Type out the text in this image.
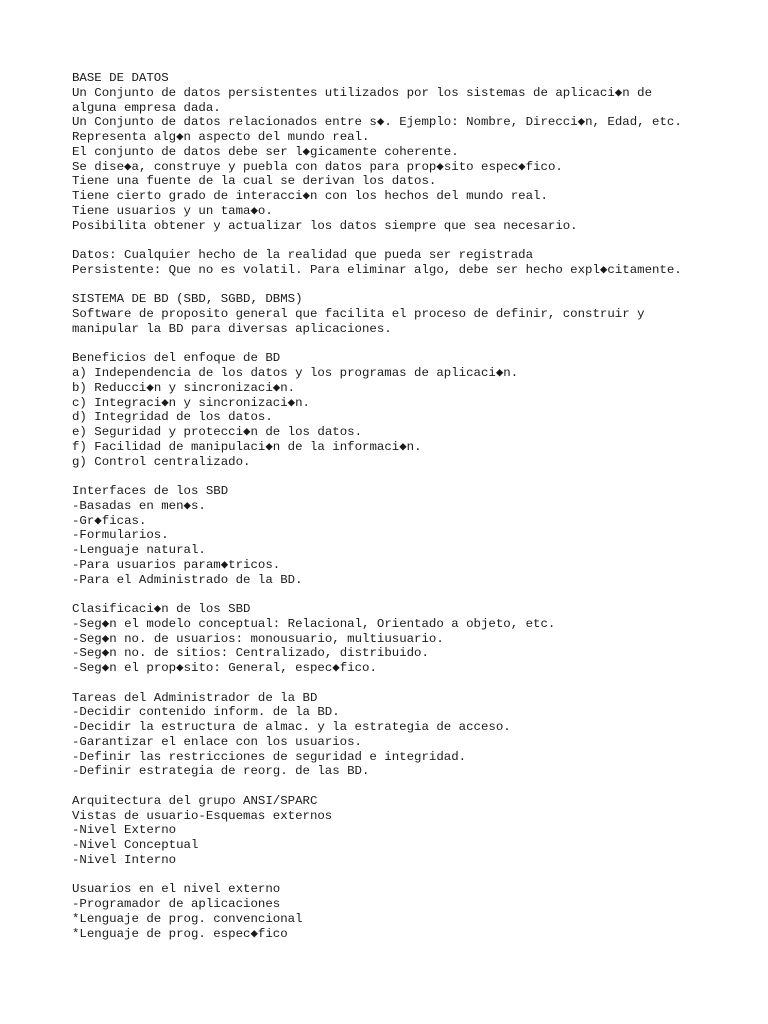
BASE DE DATOS
Un Conjunto de datos persistentes utilizados por los sistemas de aplicaci◆n de
alguna empresa dada.
Un Conjunto de datos relacionados entre s◆. Ejemplo: Nombre, Direcci◆n, Edad, etc.
Representa alg◆n aspecto del mundo real.
El conjunto de datos debe ser l◆gicamente coherente.
Se dise◆a, construye y puebla con datos para prop◆sito espec◆fico.
Tiene una fuente de la cual se derivan los datos.
Tiene cierto grado de interacci◆n con los hechos del mundo real.
Tiene usuarios y un tama◆o.
Posibilita obtener y actualizar los datos siempre que sea necesario.
Datos: Cualquier hecho de la realidad que pueda ser registrada
Persistente: Que no es volatil. Para eliminar algo, debe ser hecho expl◆citamente.
SISTEMA DE BD (SBD, SGBD, DBMS)
Software de proposito general que facilita el proceso de definir, construir y
manipular la BD para diversas aplicaciones.
Beneficios del enfoque de BD
a) Independencia de los datos y los programas de aplicaci◆n.
b) Reducci◆n y sincronizaci◆n.
c) Integraci◆n y sincronizaci◆n.
d) Integridad de los datos.
e) Seguridad y protecci◆n de los datos.
f) Facilidad de manipulaci◆n de la informaci◆n.
g) Control centralizado.
Interfaces de los SBD
-Basadas en men◆s.
-Gr◆ficas.
-Formularios.
-Lenguaje natural.
-Para usuarios param◆tricos.
-Para el Administrado de la BD.
Clasificaci◆n de los SBD
-Seg◆n el modelo conceptual: Relacional, Orientado a objeto, etc.
-Seg◆n no. de usuarios: monousuario, multiusuario.
-Seg◆n no. de sitios: Centralizado, distribuido.
-Seg◆n el prop◆sito: General, espec◆fico.
Tareas del Administrador de la BD
-Decidir contenido inform. de la BD.
-Decidir la estructura de almac. y la estrategia de acceso.
-Garantizar el enlace con los usuarios.
-Definir las restricciones de seguridad e integridad.
-Definir estrategia de reorg. de las BD.
Arquitectura del grupo ANSI/SPARC
Vistas de usuario-Esquemas externos
-Nivel Externo
-Nivel Conceptual
-Nivel Interno
Usuarios en el nivel externo
-Programador de aplicaciones
*Lenguaje de prog. convencional
*Lenguaje de prog. espec◆fico
